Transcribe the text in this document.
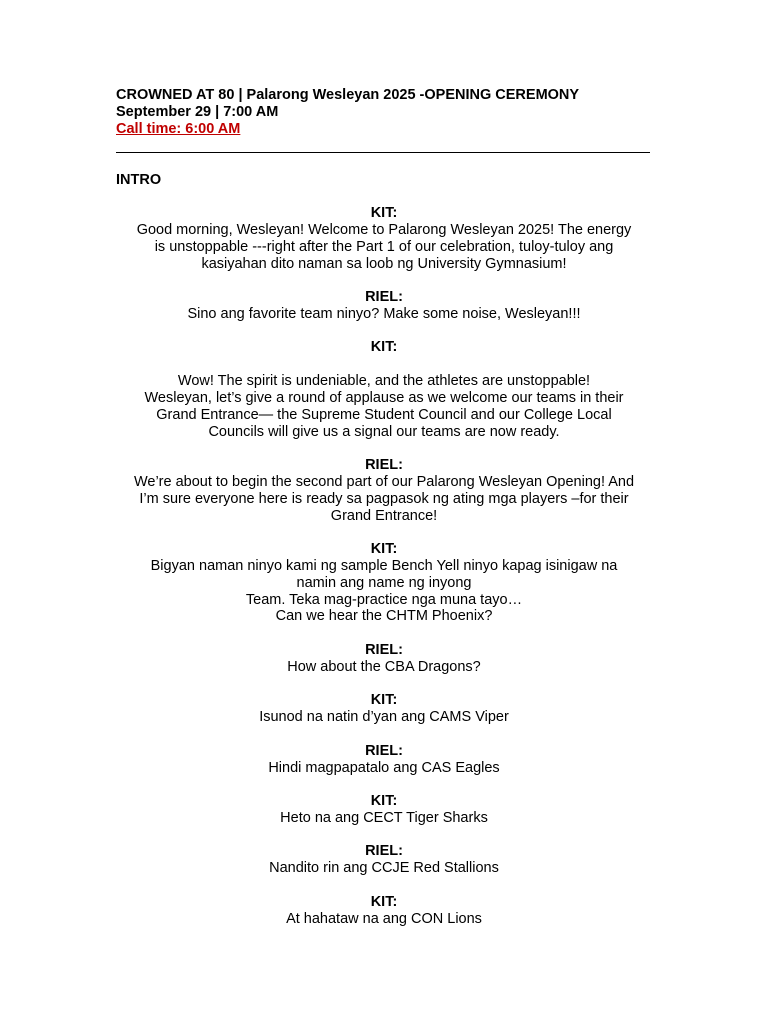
CROWNED AT 80 | Palarong Wesleyan 2025 -OPENING CEREMONY
September 29 | 7:00 AM
Call time: 6:00 AM
INTRO
KIT:
Good morning, Wesleyan! Welcome to Palarong Wesleyan 2025! The energy
is unstoppable ---right after the Part 1 of our celebration, tuloy-tuloy ang
kasiyahan dito naman sa loob ng University Gymnasium!
RIEL:
Sino ang favorite team ninyo? Make some noise, Wesleyan!!!
KIT:
Wow! The spirit is undeniable, and the athletes are unstoppable!
Wesleyan, let’s give a round of applause as we welcome our teams in their
Grand Entrance— the Supreme Student Council and our College Local
Councils will give us a signal our teams are now ready.
RIEL:
We’re about to begin the second part of our Palarong Wesleyan Opening! And
I’m sure everyone here is ready sa pagpasok ng ating mga players –for their
Grand Entrance!
KIT:
Bigyan naman ninyo kami ng sample Bench Yell ninyo kapag isinigaw na
namin ang name ng inyong
Team. Teka mag-practice nga muna tayo…
Can we hear the CHTM Phoenix?
RIEL:
How about the CBA Dragons?
KIT:
Isunod na natin d’yan ang CAMS Viper
RIEL:
Hindi magpapatalo ang CAS Eagles
KIT:
Heto na ang CECT Tiger Sharks
RIEL:
Nandito rin ang CCJE Red Stallions
KIT:
At hahataw na ang CON Lions
